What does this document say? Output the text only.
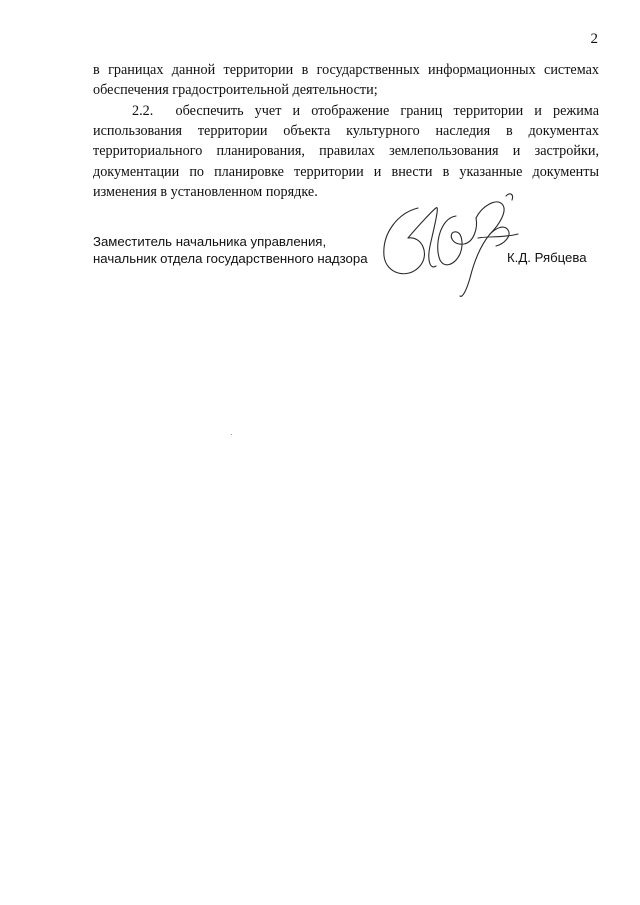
2

в границах данной территории в государственных информационных системах

обеспечения градостроительной деятельности;

2.2.  обеспечить учет и отображение границ территории и режима использования территории объекта культурного наследия в документах территориального планирования, правилах землепользования и застройки, документации по планировке территории и внести в указанные документы изменения в установленном порядке.

Заместитель начальника управления,
начальник отдела государственного надзора	К.Д. Рябцева
